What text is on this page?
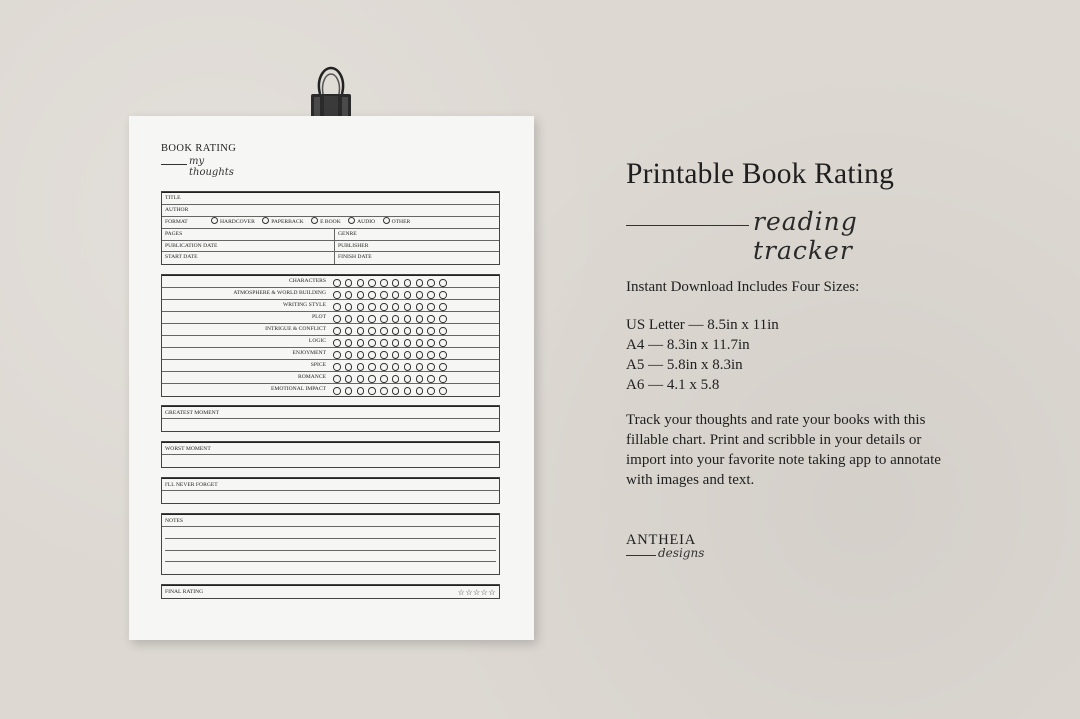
BOOK RATING
my thoughts
TITLE
AUTHOR
FORMAT	HARDCOVER	PAPERBACK	E BOOK	AUDIO	OTHER
PAGES	GENRE
PUBLICATION DATE	PUBLISHER
START DATE	FINISH DATE
CHARACTERS
ATMOSPHERE & WORLD BUILDING
WRITING STYLE
PLOT
INTRIGUE & CONFLICT
LOGIC
ENJOYMENT
SPICE
ROMANCE
EMOTIONAL IMPACT
GREATEST MOMENT
WORST MOMENT
I'LL NEVER FORGET
NOTES
FINAL RATING	☆☆☆☆☆
Printable Book Rating
reading tracker
Instant Download Includes Four Sizes:
US Letter — 8.5in x 11in
A4 — 8.3in x 11.7in
A5 — 5.8in x 8.3in
A6 — 4.1 x 5.8
Track your thoughts and rate your books with this fillable chart. Print and scribble in your details or import into your favorite note taking app to annotate with images and text.
ANTHEIA
designs
